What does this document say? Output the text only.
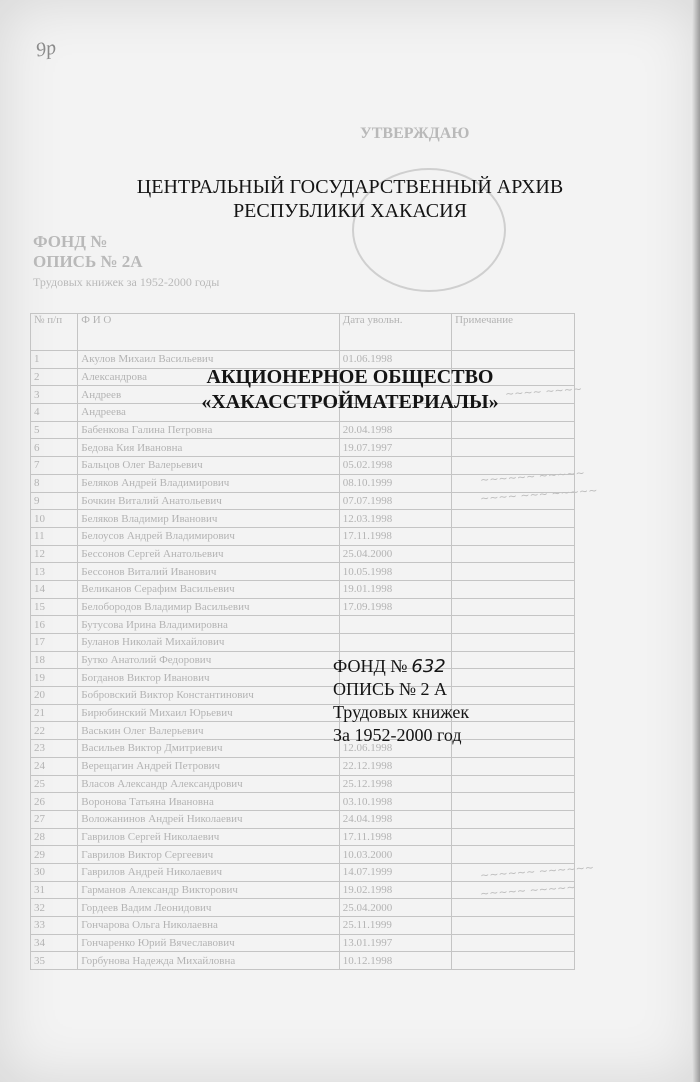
УТВЕРЖДАЮ
ФОНД №
ОПИСЬ № 2А
Трудовых книжек за 1952-2000 годы
№ п/п	Ф И О	Дата увольн.	Примечание
1	Акулов Михаил Васильевич	01.06.1998	
2	Александрова		
3	Андреев		
4	Андреева		
5	Бабенкова Галина Петровна	20.04.1998	
6	Бедова Кия Ивановна	19.07.1997	
7	Бальцов Олег Валерьевич	05.02.1998	
8	Беляков Андрей Владимирович	08.10.1999	
9	Бочкин Виталий Анатольевич	07.07.1998	
10	Беляков Владимир Иванович	12.03.1998	
11	Белоусов Андрей Владимирович	17.11.1998	
12	Бессонов Сергей Анатольевич	25.04.2000	
13	Бессонов Виталий Иванович	10.05.1998	
14	Великанов Серафим Васильевич	19.01.1998	
15	Белобородов Владимир Васильевич	17.09.1998	
16	Бутусова Ирина Владимировна		
17	Буланов Николай Михайлович		
18	Бутко Анатолий Федорович		
19	Богданов Виктор Иванович		
20	Бобровский Виктор Константинович		
21	Бирюбинский Михаил Юрьевич		
22	Васькин Олег Валерьевич		
23	Васильев Виктор Дмитриевич	12.06.1998	
24	Верещагин Андрей Петрович	22.12.1998	
25	Власов Александр Александрович	25.12.1998	
26	Воронова Татьяна Ивановна	03.10.1998	
27	Воложанинов Андрей Николаевич	24.04.1998	
28	Гаврилов Сергей Николаевич	17.11.1998	
29	Гаврилов Виктор Сергеевич	10.03.2000	
30	Гаврилов Андрей Николаевич	14.07.1999	
31	Гарманов Александр Викторович	19.02.1998	
32	Гордеев Вадим Леонидович	25.04.2000	
33	Гончарова Ольга Николаевна	25.11.1999	
34	Гончаренко Юрий Вячеславович	13.01.1997	
35	Горбунова Надежда Михайловна	10.12.1998	
~~~~ ~~~~
~~~~~~ ~~~~~
~~~~ ~~~ ~~~~~
~~~~~~ ~~~~~~
~~~~~ ~~~~~
9р
ЦЕНТРАЛЬНЫЙ ГОСУДАРСТВЕННЫЙ АРХИВ
РЕСПУБЛИКИ ХАКАСИЯ
АКЦИОНЕРНОЕ ОБЩЕСТВО
«ХАКАССТРОЙМАТЕРИАЛЫ»
ФОНД № 632
ОПИСЬ № 2 А
Трудовых книжек
За 1952-2000 год
